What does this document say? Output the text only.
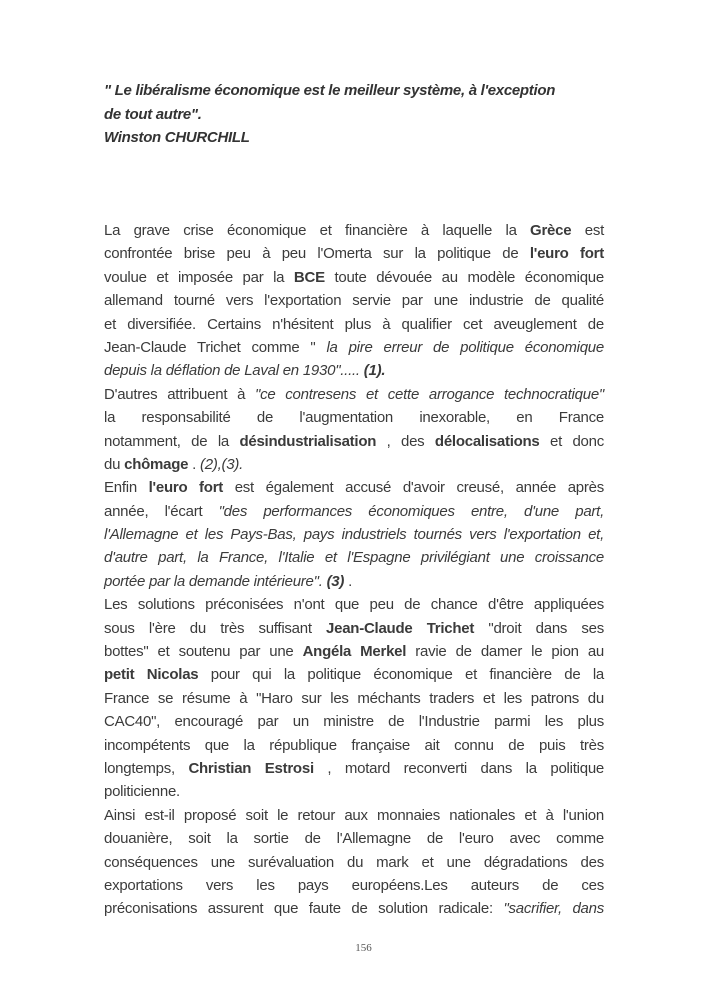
" Le libéralisme économique est le meilleur système, à l'exception
de tout autre".
Winston CHURCHILL
La grave crise économique et financière à laquelle la Grèce est
confrontée brise peu à peu l'Omerta sur la politique de l'euro fort
voulue et imposée par la BCE toute dévouée au modèle économique
allemand tourné vers l'exportation servie par une industrie de qualité
et diversifiée. Certains n'hésitent plus à qualifier cet aveuglement de
Jean-Claude Trichet comme " la pire erreur de politique économique
depuis la déflation de Laval en 1930"..... (1).
D'autres attribuent à "ce contresens et cette arrogance technocratique"
la responsabilité de l'augmentation inexorable, en France
notamment, de la désindustrialisation , des délocalisations et donc
du chômage . (2),(3).
Enfin l'euro fort est également accusé d'avoir creusé, année après
année, l'écart "des performances économiques entre, d'une part,
l'Allemagne et les Pays-Bas, pays industriels tournés vers l'exportation et,
d'autre part, la France, l'Italie et l'Espagne privilégiant une croissance
portée par la demande intérieure". (3) .
Les solutions préconisées n'ont que peu de chance d'être appliquées
sous l'ère du très suffisant Jean-Claude Trichet "droit dans ses
bottes" et soutenu par une Angéla Merkel ravie de damer le pion au
petit Nicolas pour qui la politique économique et financière de la
France se résume à "Haro sur les méchants traders et les patrons du
CAC40", encouragé par un ministre de l'Industrie parmi les plus
incompétents que la république française ait connu de puis très
longtemps, Christian Estrosi , motard reconverti dans la politique
politicienne.
Ainsi est-il proposé soit le retour aux monnaies nationales et à l'union
douanière, soit la sortie de l'Allemagne de l'euro avec comme
conséquences une surévaluation du mark et une dégradations des
exportations vers les pays européens.Les auteurs de ces
préconisations assurent que faute de solution radicale: "sacrifier, dans
156
